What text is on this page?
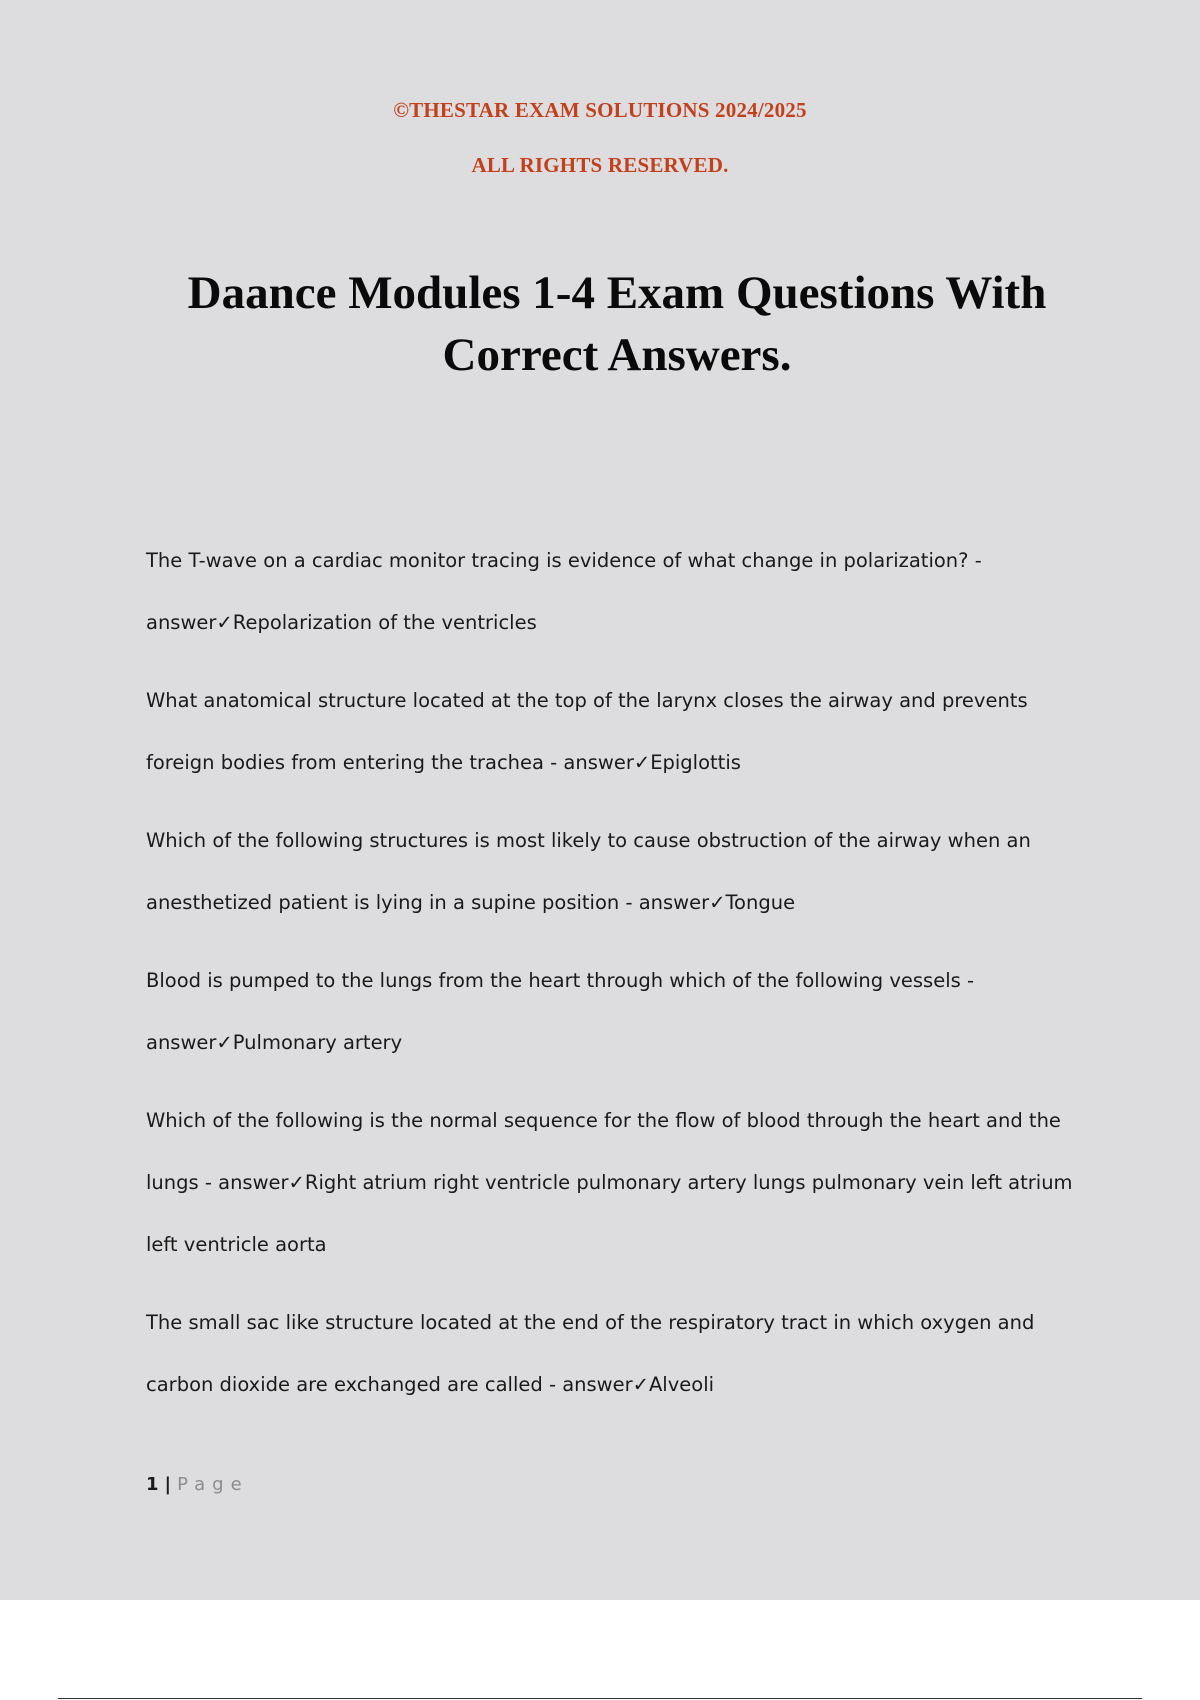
©THESTAR EXAM SOLUTIONS 2024/2025
ALL RIGHTS RESERVED.
Daance Modules 1-4 Exam Questions With
Correct Answers.
The T-wave on a cardiac monitor tracing is evidence of what change in polarization? -
answer✓Repolarization of the ventricles
What anatomical structure located at the top of the larynx closes the airway and prevents foreign bodies from entering the trachea - answer✓Epiglottis
Which of the following structures is most likely to cause obstruction of the airway when an anesthetized patient is lying in a supine position - answer✓Tongue
Blood is pumped to the lungs from the heart through which of the following vessels -
answer✓Pulmonary artery
Which of the following is the normal sequence for the flow of blood through the heart and the lungs - answer✓Right atrium right ventricle pulmonary artery lungs pulmonary vein left atrium left ventricle aorta
The small sac like structure located at the end of the respiratory tract in which oxygen and carbon dioxide are exchanged are called - answer✓Alveoli
1 | Page
